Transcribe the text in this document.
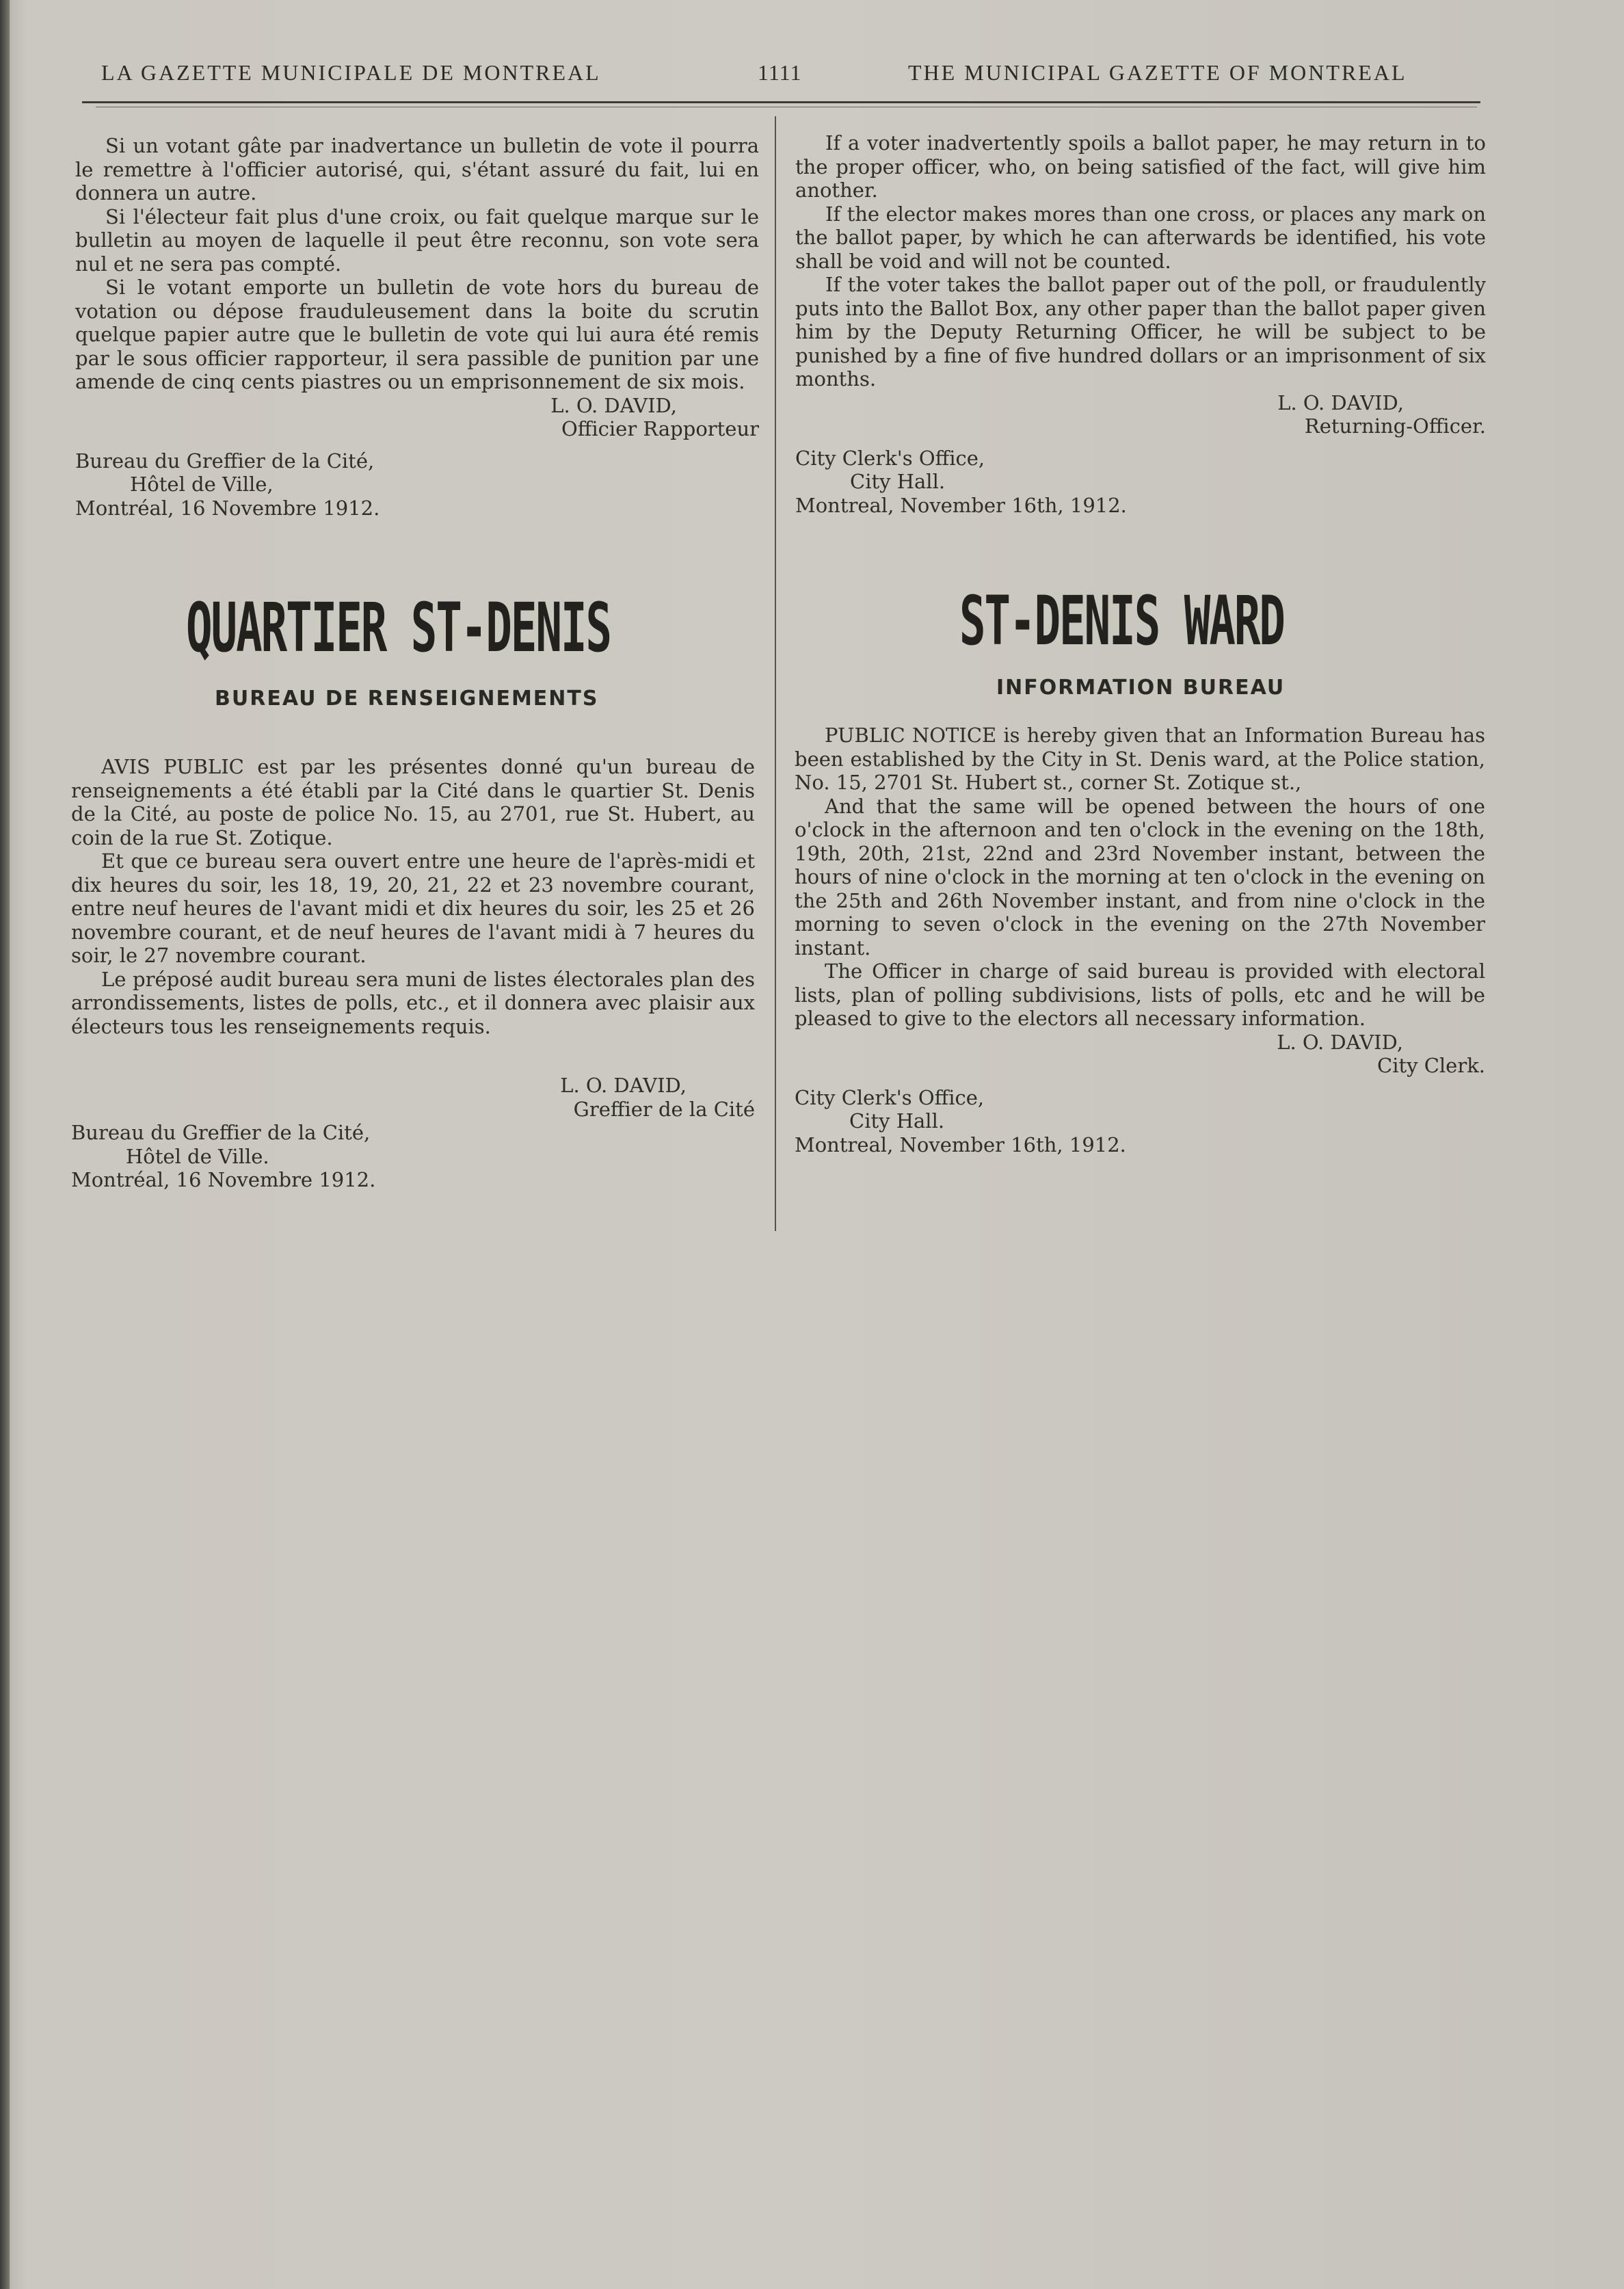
LA GAZETTE MUNICIPALE DE MONTREAL	1111	THE MUNICIPAL GAZETTE OF MONTREAL

Si un votant gâte par inadvertance un bulletin de vote il pourra le remettre à l'officier autorisé, qui, s'étant assuré du fait, lui en donnera un autre.

Si l'électeur fait plus d'une croix, ou fait quelque marque sur le bulletin au moyen de laquelle il peut être reconnu, son vote sera nul et ne sera pas compté.

Si le votant emporte un bulletin de vote hors du bureau de votation ou dépose frauduleusement dans la boite du scrutin quelque papier autre que le bulletin de vote qui lui aura été remis par le sous officier rapporteur, il sera passible de punition par une amende de cinq cents piastres ou un emprisonnement de six mois.

L. O. DAVID,

Officier Rapporteur

Bureau du Greffier de la Cité,

Hôtel de Ville,

Montréal, 16 Novembre 1912.

If a voter inadvertently spoils a ballot paper, he may return in to the proper officer, who, on being satisfied of the fact, will give him another.

If the elector makes mores than one cross, or places any mark on the ballot paper, by which he can afterwards be identified, his vote shall be void and will not be counted.

If the voter takes the ballot paper out of the poll, or fraudulently puts into the Ballot Box, any other paper than the ballot paper given him by the Deputy Returning Officer, he will be subject to be punished by a fine of five hundred dollars or an imprisonment of six months.

L. O. DAVID,

Returning-Officer.

City Clerk's Office,

City Hall.

Montreal, November 16th, 1912.

QUARTIER ST-DENIS
BUREAU DE RENSEIGNEMENTS

AVIS PUBLIC est par les présentes donné qu'un bureau de renseignements a été établi par la Cité dans le quartier St. Denis de la Cité, au poste de police No. 15, au 2701, rue St. Hubert, au coin de la rue St. Zotique.

Et que ce bureau sera ouvert entre une heure de l'après-midi et dix heures du soir, les 18, 19, 20, 21, 22 et 23 novembre courant, entre neuf heures de l'avant midi et dix heures du soir, les 25 et 26 novembre courant, et de neuf heures de l'avant midi à 7 heures du soir, le 27 novembre courant.

Le préposé audit bureau sera muni de listes électorales plan des arrondissements, listes de polls, etc., et il donnera avec plaisir aux électeurs tous les renseignements requis.

L. O. DAVID,

Greffier de la Cité

Bureau du Greffier de la Cité,

Hôtel de Ville.

Montréal, 16 Novembre 1912.

ST-DENIS WARD
INFORMATION BUREAU

PUBLIC NOTICE is hereby given that an Information Bureau has been established by the City in St. Denis ward, at the Police station, No. 15, 2701 St. Hubert st., corner St. Zotique st.,

And that the same will be opened between the hours of one o'clock in the afternoon and ten o'clock in the evening on the 18th, 19th, 20th, 21st, 22nd and 23rd November instant, between the hours of nine o'clock in the morning at ten o'clock in the evening on the 25th and 26th November instant, and from nine o'clock in the morning to seven o'clock in the evening on the 27th November instant.

The Officer in charge of said bureau is provided with electoral lists, plan of polling subdivisions, lists of polls, etc and he will be pleased to give to the electors all necessary information.

L. O. DAVID,

City Clerk.

City Clerk's Office,

City Hall.

Montreal, November 16th, 1912.
